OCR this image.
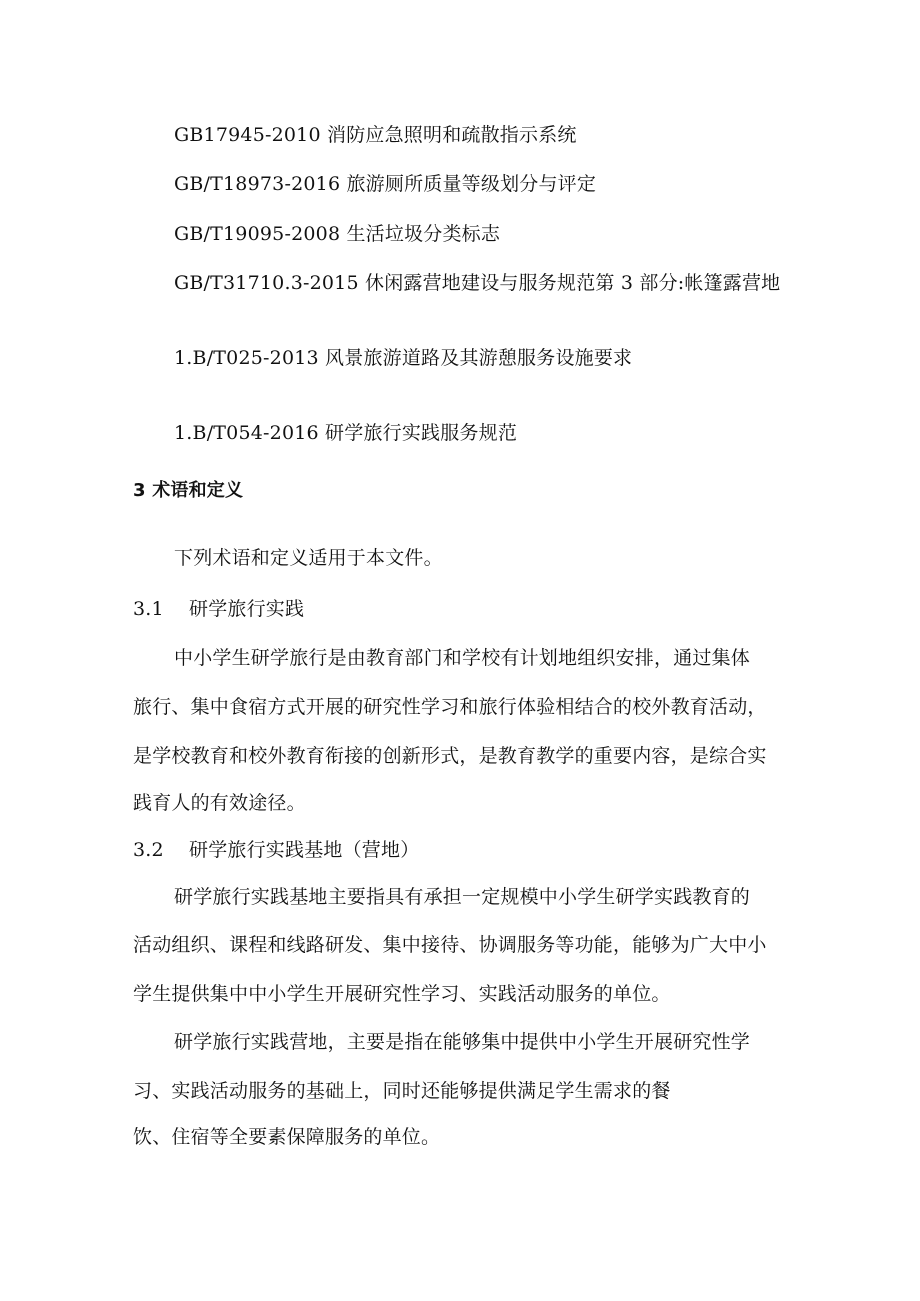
GB17945-2010 消防应急照明和疏散指示系统
GB/T18973-2016 旅游厕所质量等级划分与评定
GB/T19095-2008 生活垃圾分类标志
GB/T31710.3-2015 休闲露营地建设与服务规范第 3 部分:帐篷露营地
1.B/T025-2013 风景旅游道路及其游憩服务设施要求
1.B/T054-2016 研学旅行实践服务规范
3 术语和定义
下列术语和定义适用于本文件。
3.1 研学旅行实践
中小学生研学旅行是由教育部门和学校有计划地组织安排，通过集体
旅行、集中食宿方式开展的研究性学习和旅行体验相结合的校外教育活动，
是学校教育和校外教育衔接的创新形式，是教育教学的重要内容，是综合实
践育人的有效途径。
3.2 研学旅行实践基地（营地）
研学旅行实践基地主要指具有承担一定规模中小学生研学实践教育的
活动组织、课程和线路研发、集中接待、协调服务等功能，能够为广大中小
学生提供集中中小学生开展研究性学习、实践活动服务的单位。
研学旅行实践营地，主要是指在能够集中提供中小学生开展研究性学
习、实践活动服务的基础上，同时还能够提供满足学生需求的餐
饮、住宿等全要素保障服务的单位。
